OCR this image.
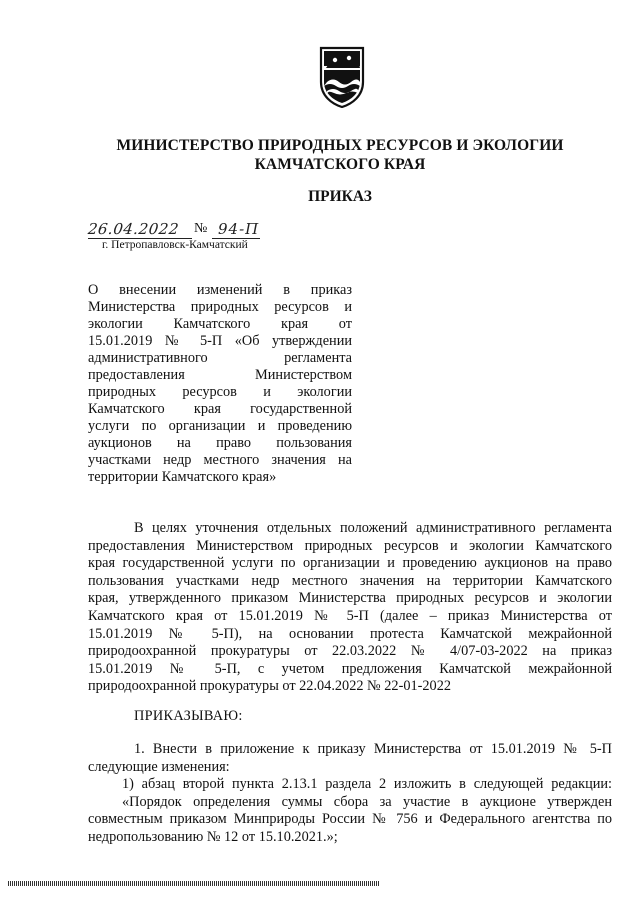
МИНИСТЕРСТВО ПРИРОДНЫХ РЕСУРСОВ И ЭКОЛОГИИ
КАМЧАТСКОГО КРАЯ
ПРИКАЗ
26.04.2022 № 94-П
г. Петропавловск-Камчатский
О внесении изменений в приказ
Министерства природных ресурсов и
экологии Камчатского края от
15.01.2019 № 5-П «Об утверждении
административного регламента
предоставления Министерством
природных ресурсов и экологии
Камчатского края государственной
услуги по организации и проведению
аукционов на право пользования
участками недр местного значения на
территории Камчатского края»
В целях уточнения отдельных положений административного регламента
предоставления Министерством природных ресурсов и экологии Камчатского
края государственной услуги по организации и проведению аукционов на право
пользования участками недр местного значения на территории Камчатского
края, утвержденного приказом Министерства природных ресурсов и экологии
Камчатского края от 15.01.2019 № 5-П (далее – приказ Министерства от
15.01.2019 № 5-П), на основании протеста Камчатской межрайонной
природоохранной прокуратуры от 22.03.2022 № 4/07-03-2022 на приказ
15.01.2019 № 5-П, с учетом предложения Камчатской межрайонной
природоохранной прокуратуры от 22.04.2022 № 22-01-2022
ПРИКАЗЫВАЮ:
1. Внести в приложение к приказу Министерства от 15.01.2019 № 5-П
следующие изменения:
1) абзац второй пункта 2.13.1 раздела 2 изложить в следующей редакции:
«Порядок определения суммы сбора за участие в аукционе утвержден
совместным приказом Минприроды России № 756 и Федерального агентства по
недропользованию № 12 от 15.10.2021.»;
